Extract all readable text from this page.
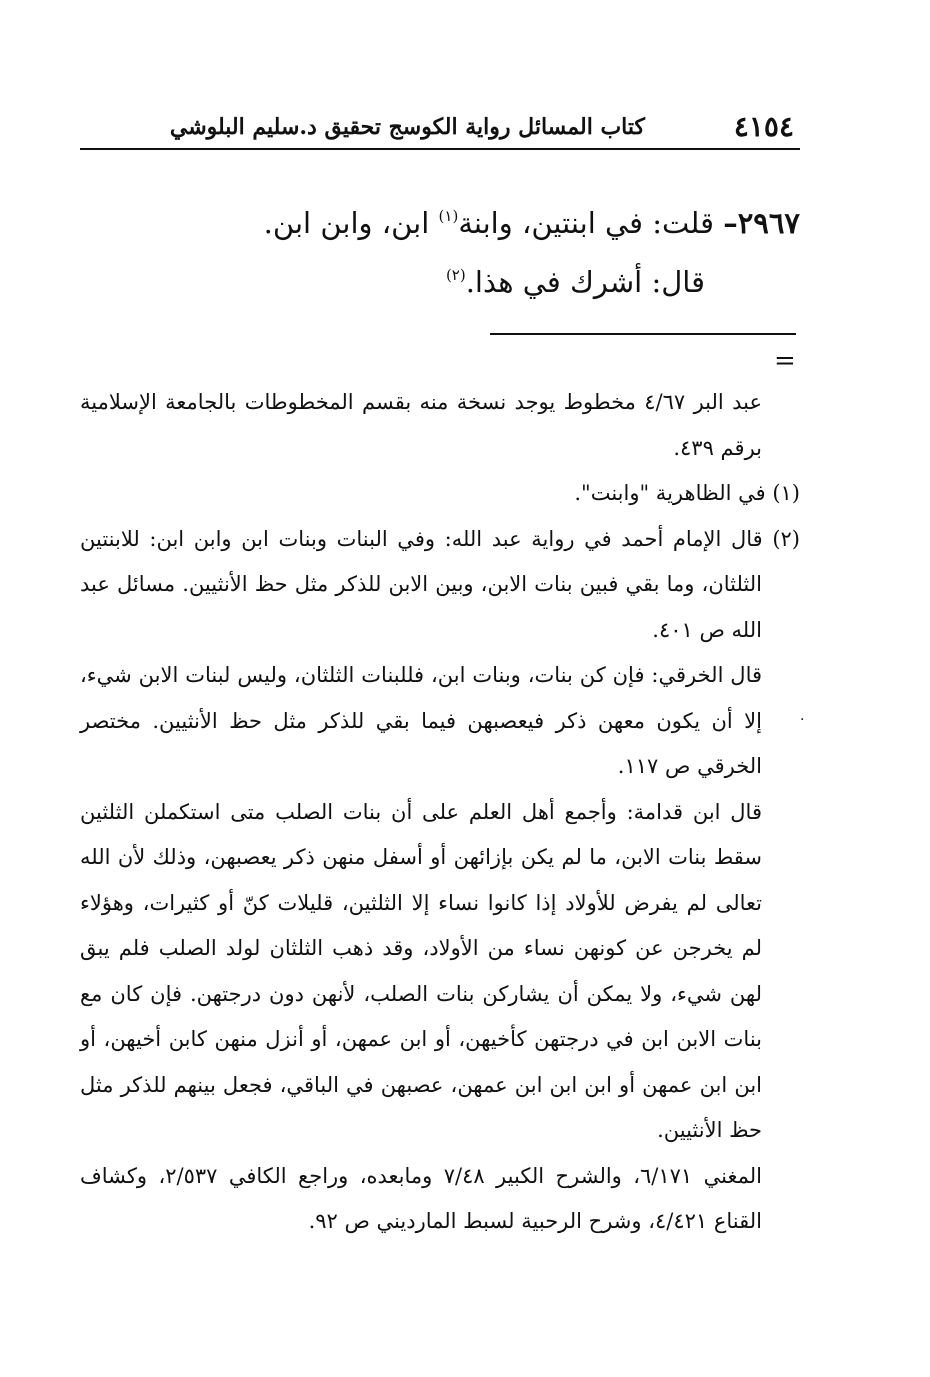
٤١٥٤
كتاب المسائل رواية الكوسج تحقيق د.سليم البلوشي
٢٩٦٧– قلت: في ابنتين، وابنة$^{(١)}$ ابن، وابن ابن.
قال: أشرك في هذا.$^{(٢)}$
=

عبد البر ٤/٦٧ مخطوط يوجد نسخة منه بقسم المخطوطات بالجامعة الإسلامية برقم ٤٣٩.

(١) في الظاهرية "وابنت".

(٢) قال الإمام أحمد في رواية عبد الله: وفي البنات وبنات ابن وابن ابن: للابنتين الثلثان، وما بقي فبين بنات الابن، وبين الابن للذكر مثل حظ الأنثيين. مسائل عبد الله ص ٤٠١.

قال الخرقي: فإن كن بنات، وبنات ابن، فللبنات الثلثان، وليس لبنات الابن شيء، إلا أن يكون معهن ذكر فيعصبهن فيما بقي للذكر مثل حظ الأنثيين. مختصر الخرقي ص ١١٧.

قال ابن قدامة: وأجمع أهل العلم على أن بنات الصلب متى استكملن الثلثين سقط بنات الابن، ما لم يكن بإزائهن أو أسفل منهن ذكر يعصبهن، وذلك لأن الله تعالى لم يفرض للأولاد إذا كانوا نساء إلا الثلثين، قليلات كنّ أو كثيرات، وهؤلاء لم يخرجن عن كونهن نساء من الأولاد، وقد ذهب الثلثان لولد الصلب فلم يبق لهن شيء، ولا يمكن أن يشاركن بنات الصلب، لأنهن دون درجتهن. فإن كان مع بنات الابن ابن في درجتهن كأخيهن، أو ابن عمهن، أو أنزل منهن كابن أخيهن، أو ابن ابن عمهن أو ابن ابن ابن عمهن، عصبهن في الباقي، فجعل بينهم للذكر مثل حظ الأنثيين.

المغني ٦/١٧١، والشرح الكبير ٧/٤٨ ومابعده، وراجع الكافي ٢/٥٣٧، وكشاف القناع ٤/٤٢١، وشرح الرحبية لسبط المارديني ص ٩٢.

·
